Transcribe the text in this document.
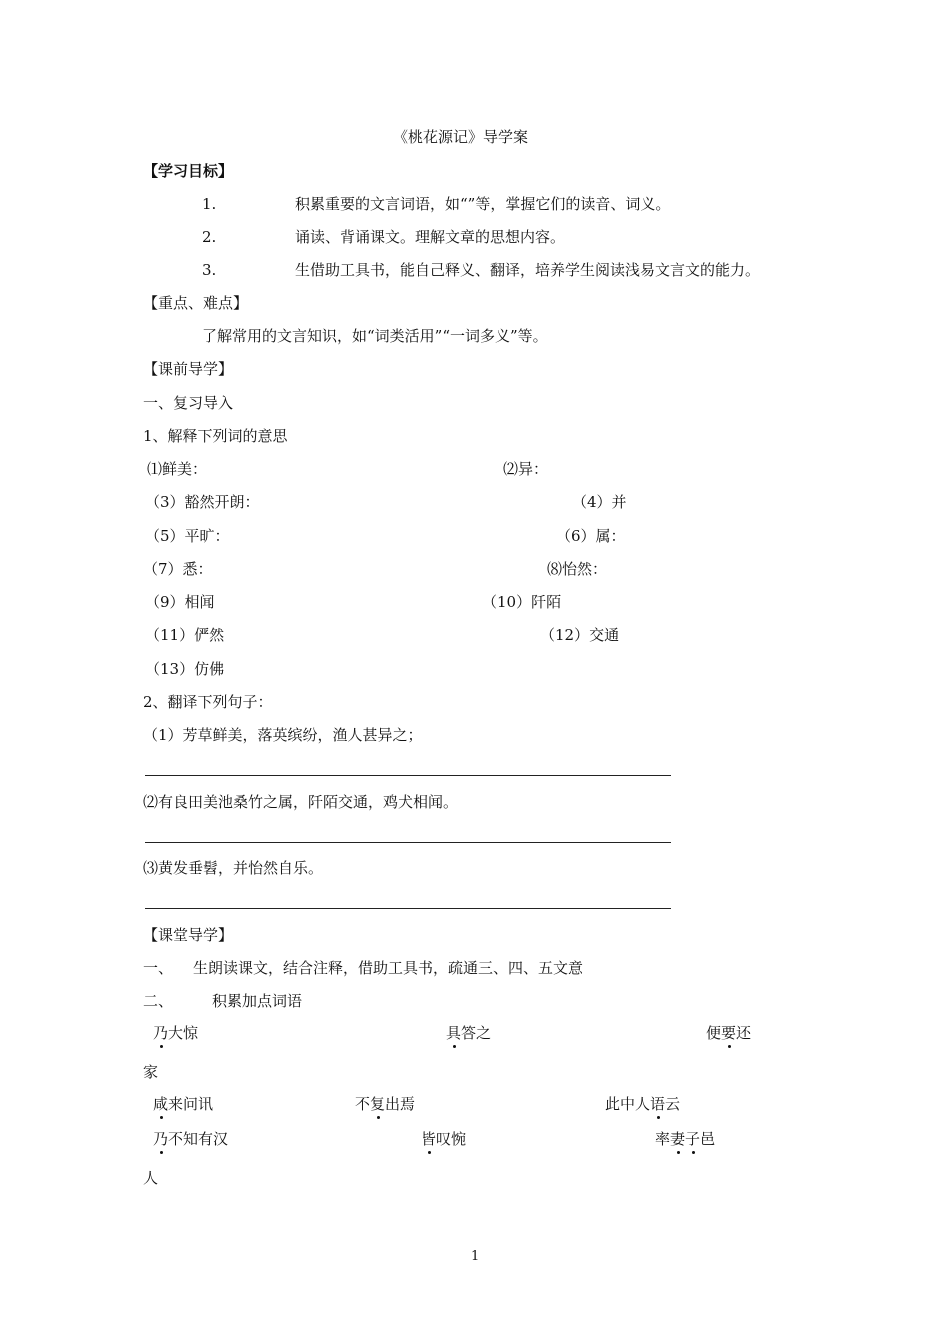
《桃花源记》导学案
【学习目标】
1.	积累重要的文言词语，如“”等，掌握它们的读音、词义。
2.	诵读、背诵课文。理解文章的思想内容。
3.	生借助工具书，能自己释义、翻译，培养学生阅读浅易文言文的能力。
【重点、难点】
了解常用的文言知识，如“词类活用”“一词多义”等。
【课前导学】
一、复习导入
1、解释下列词的意思
⑴鲜美：	⑵异：
（3）豁然开朗：	（4）并
（5）平旷：	（6）属：
（7）悉：	⑻怡然：
（9）相闻	（10）阡陌
（11）俨然	（12）交通
（13）仿佛
2、翻译下列句子：
（1）芳草鲜美，落英缤纷，渔人甚异之；
⑵有良田美池桑竹之属，阡陌交通，鸡犬相闻。
⑶黄发垂髫，并怡然自乐。
【课堂导学】
一、 生朗读课文，结合注释，借助工具书，疏通三、四、五文意
二、	积累加点词语
乃大惊	具答之	便要还
家
咸来问讯	不复出焉	此中人语云
乃不知有汉	皆叹惋	率妻子邑
人
1
